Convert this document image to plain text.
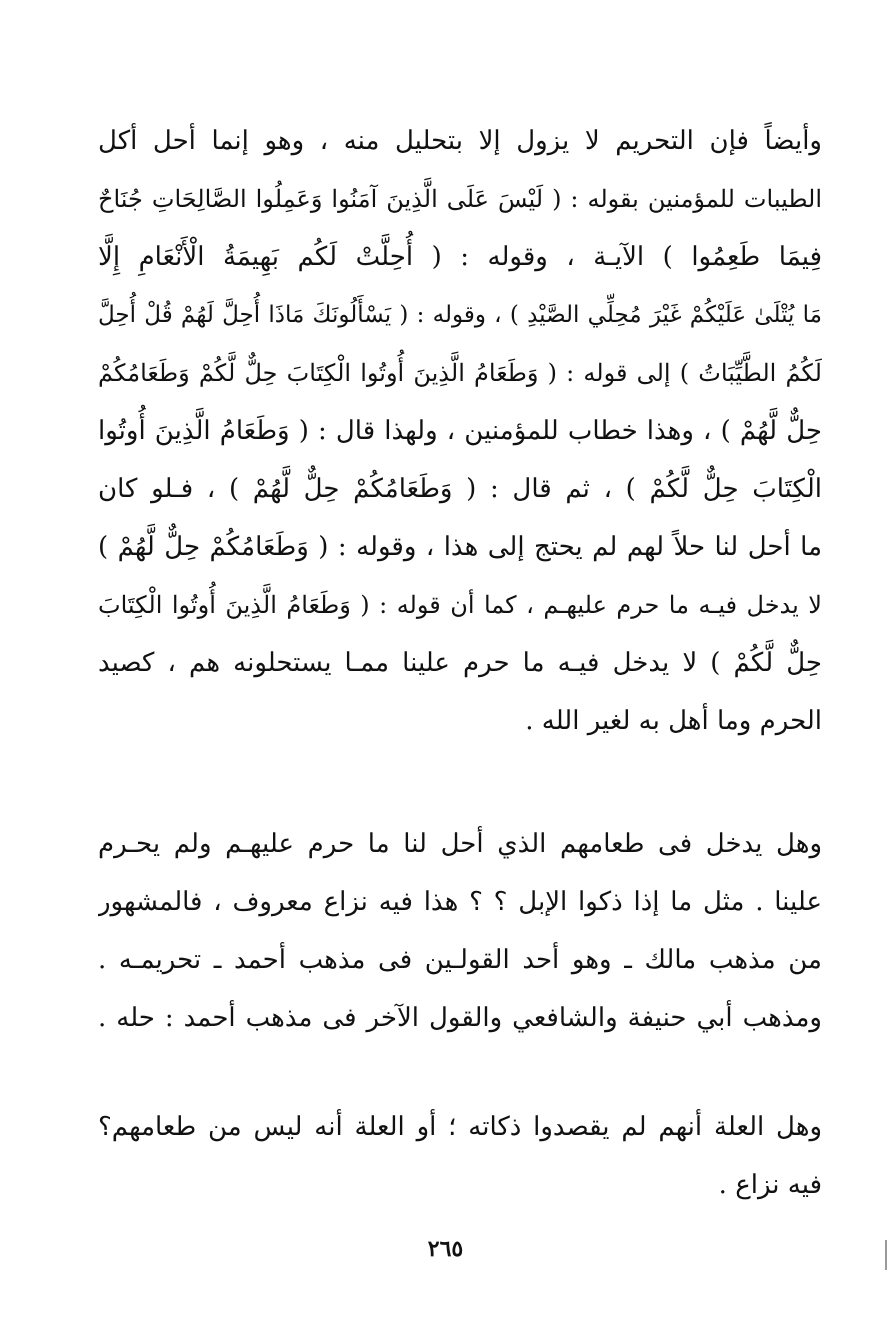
وأيضاً فإن التحريم لا يزول إلا بتحليل منه ، وهو إنما أحل أكل
الطيبات للمؤمنين بقوله : ( لَيْسَ عَلَى الَّذِينَ آمَنُوا وَعَمِلُوا الصَّالِحَاتِ جُنَاحٌ
فِيمَا طَعِمُوا ) الآيـة ، وقوله : ( أُحِلَّتْ لَكُم بَهِيمَةُ الْأَنْعَامِ إِلَّا
مَا يُتْلَىٰ عَلَيْكُمْ غَيْرَ مُحِلِّي الصَّيْدِ ) ، وقوله : ( يَسْأَلُونَكَ مَاذَا أُحِلَّ لَهُمْ قُلْ أُحِلَّ
لَكُمُ الطَّيِّبَاتُ ) إلى قوله : ( وَطَعَامُ الَّذِينَ أُوتُوا الْكِتَابَ حِلٌّ لَّكُمْ وَطَعَامُكُمْ
حِلٌّ لَّهُمْ ) ، وهذا خطاب للمؤمنين ، ولهذا قال : ( وَطَعَامُ الَّذِينَ أُوتُوا
الْكِتَابَ حِلٌّ لَّكُمْ ) ، ثم قال : ( وَطَعَامُكُمْ حِلٌّ لَّهُمْ ) ، فـلو كان
ما أحل لنا حلاً لهم لم يحتج إلى هذا ، وقوله : ( وَطَعَامُكُمْ حِلٌّ لَّهُمْ )
لا يدخل فيـه ما حرم عليهـم ، كما أن قوله : ( وَطَعَامُ الَّذِينَ أُوتُوا الْكِتَابَ
حِلٌّ لَّكُمْ ) لا يدخل فيـه ما حرم علينا ممـا يستحلونه هم ، كصيد
الحرم وما أهل به لغير الله .
وهل يدخل فى طعامهم الذي أحل لنا ما حرم عليهـم ولم يحـرم
علينا . مثل ما إذا ذكوا الإبل ؟ ؟ هذا فيه نزاع معروف ، فالمشهور
من مذهب مالك ـ وهو أحد القولـين فى مذهب أحمد ـ تحريمـه .
ومذهب أبي حنيفة والشافعي والقول الآخر فى مذهب أحمد : حله .
وهل العلة أنهم لم يقصدوا ذكاته ؛ أو العلة أنه ليس من طعامهم؟
فيه نزاع .
٢٦٥
